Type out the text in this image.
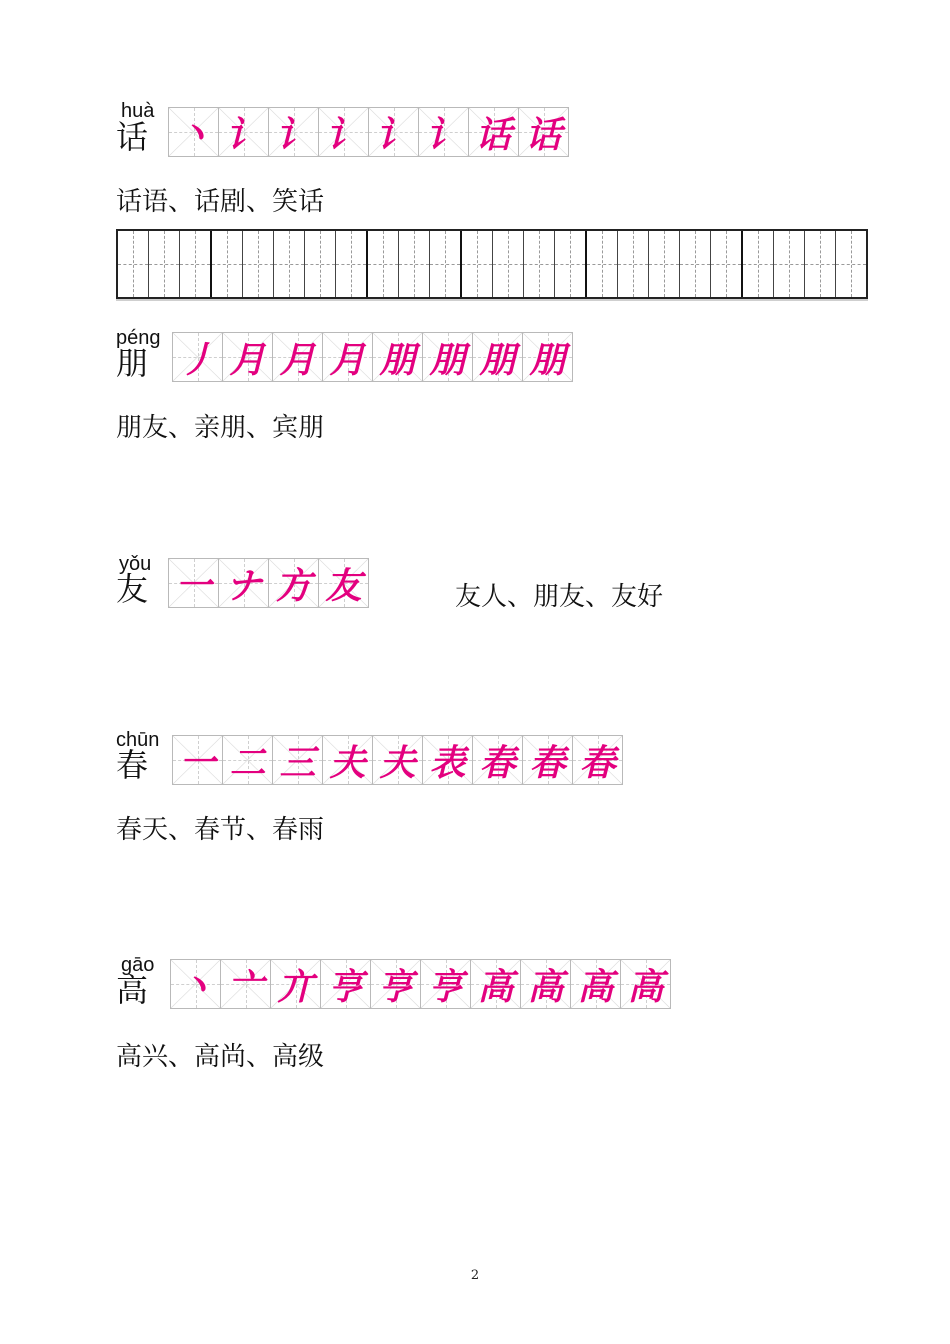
huà
话 丶 讠 讠 讠 讠 讠 话 话
话语、话剧、笑话
péng
朋 丿 月 月 月 朋 朋 朋 朋
朋友、亲朋、宾朋
yǒu
友 一 ナ 方 友	友人、朋友、友好
chūn
春 一 二 三 夫 夫 表 春 春 春
春天、春节、春雨
gāo
高 丶 亠 亣 亨 亨 亨 高 高 高 高
高兴、高尚、高级
2
